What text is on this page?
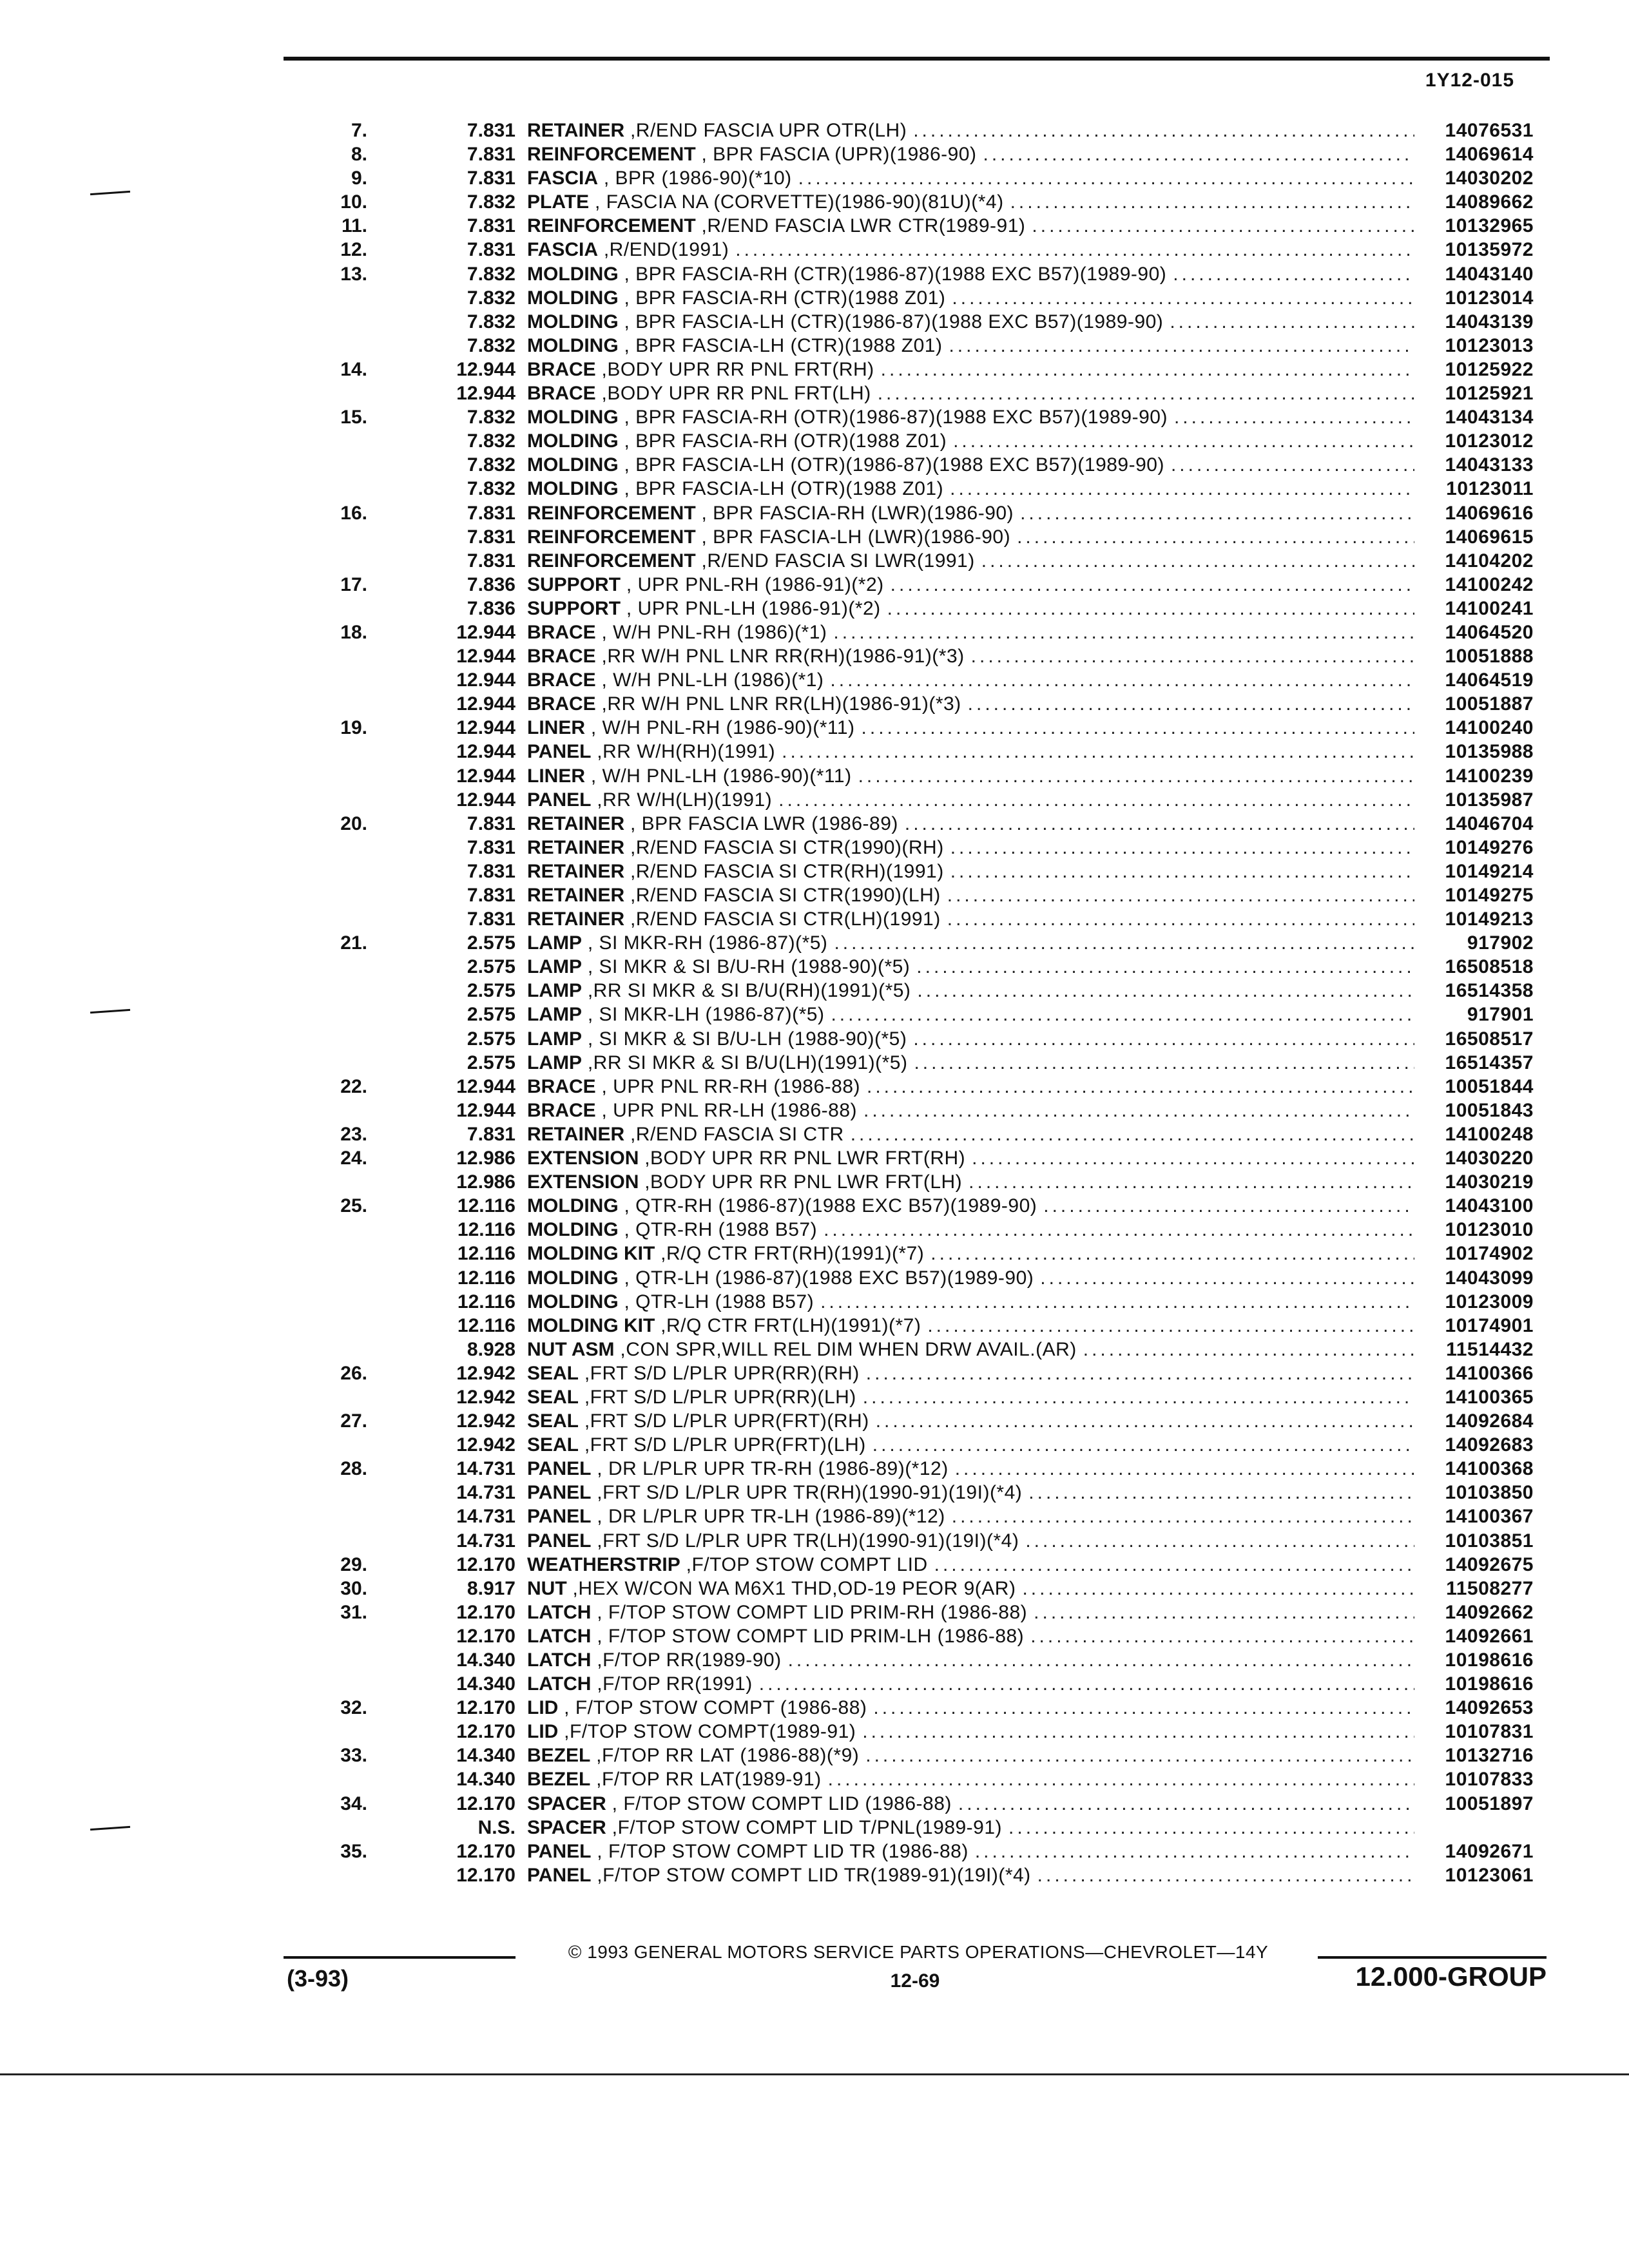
1Y12-015
7.	7.831 RETAINER ,R/END FASCIA UPR OTR(LH) .....	14076531
8.	7.831 REINFORCEMENT , BPR FASCIA (UPR)(1986-90) .....	14069614
9.	7.831 FASCIA , BPR (1986-90)(*10) .....	14030202
10.	7.832 PLATE , FASCIA NA (CORVETTE)(1986-90)(81U)(*4) .....	14089662
11.	7.831 REINFORCEMENT ,R/END FASCIA LWR CTR(1989-91) .....	10132965
12.	7.831 FASCIA ,R/END(1991) .....	10135972
13.	7.832 MOLDING , BPR FASCIA-RH (CTR)(1986-87)(1988 EXC B57)(1989-90) .....	14043140
7.832 MOLDING , BPR FASCIA-RH (CTR)(1988 Z01) .....	10123014
7.832 MOLDING , BPR FASCIA-LH (CTR)(1986-87)(1988 EXC B57)(1989-90) .....	14043139
7.832 MOLDING , BPR FASCIA-LH (CTR)(1988 Z01) .....	10123013
14.	12.944 BRACE ,BODY UPR RR PNL FRT(RH) .....	10125922
12.944 BRACE ,BODY UPR RR PNL FRT(LH) .....	10125921
15.	7.832 MOLDING , BPR FASCIA-RH (OTR)(1986-87)(1988 EXC B57)(1989-90) .....	14043134
7.832 MOLDING , BPR FASCIA-RH (OTR)(1988 Z01) .....	10123012
7.832 MOLDING , BPR FASCIA-LH (OTR)(1986-87)(1988 EXC B57)(1989-90) .....	14043133
7.832 MOLDING , BPR FASCIA-LH (OTR)(1988 Z01) .....	10123011
16.	7.831 REINFORCEMENT , BPR FASCIA-RH (LWR)(1986-90) .....	14069616
7.831 REINFORCEMENT , BPR FASCIA-LH (LWR)(1986-90) .....	14069615
7.831 REINFORCEMENT ,R/END FASCIA SI LWR(1991) .....	14104202
17.	7.836 SUPPORT , UPR PNL-RH (1986-91)(*2) .....	14100242
7.836 SUPPORT , UPR PNL-LH (1986-91)(*2) .....	14100241
18.	12.944 BRACE , W/H PNL-RH (1986)(*1) .....	14064520
12.944 BRACE ,RR W/H PNL LNR RR(RH)(1986-91)(*3) .....	10051888
12.944 BRACE , W/H PNL-LH (1986)(*1) .....	14064519
12.944 BRACE ,RR W/H PNL LNR RR(LH)(1986-91)(*3) .....	10051887
19.	12.944 LINER , W/H PNL-RH (1986-90)(*11) .....	14100240
12.944 PANEL ,RR W/H(RH)(1991) .....	10135988
12.944 LINER , W/H PNL-LH (1986-90)(*11) .....	14100239
12.944 PANEL ,RR W/H(LH)(1991) .....	10135987
20.	7.831 RETAINER , BPR FASCIA LWR (1986-89) .....	14046704
7.831 RETAINER ,R/END FASCIA SI CTR(1990)(RH) .....	10149276
7.831 RETAINER ,R/END FASCIA SI CTR(RH)(1991) .....	10149214
7.831 RETAINER ,R/END FASCIA SI CTR(1990)(LH) .....	10149275
7.831 RETAINER ,R/END FASCIA SI CTR(LH)(1991) .....	10149213
21.	2.575 LAMP , SI MKR-RH (1986-87)(*5) .....	917902
2.575 LAMP , SI MKR & SI B/U-RH (1988-90)(*5) .....	16508518
2.575 LAMP ,RR SI MKR & SI B/U(RH)(1991)(*5) .....	16514358
2.575 LAMP , SI MKR-LH (1986-87)(*5) .....	917901
2.575 LAMP , SI MKR & SI B/U-LH (1988-90)(*5) .....	16508517
2.575 LAMP ,RR SI MKR & SI B/U(LH)(1991)(*5) .....	16514357
22.	12.944 BRACE , UPR PNL RR-RH (1986-88) .....	10051844
12.944 BRACE , UPR PNL RR-LH (1986-88) .....	10051843
23.	7.831 RETAINER ,R/END FASCIA SI CTR .....	14100248
24.	12.986 EXTENSION ,BODY UPR RR PNL LWR FRT(RH) .....	14030220
12.986 EXTENSION ,BODY UPR RR PNL LWR FRT(LH) .....	14030219
25.	12.116 MOLDING , QTR-RH (1986-87)(1988 EXC B57)(1989-90) .....	14043100
12.116 MOLDING , QTR-RH (1988 B57) .....	10123010
12.116 MOLDING KIT ,R/Q CTR FRT(RH)(1991)(*7) .....	10174902
12.116 MOLDING , QTR-LH (1986-87)(1988 EXC B57)(1989-90) .....	14043099
12.116 MOLDING , QTR-LH (1988 B57) .....	10123009
12.116 MOLDING KIT ,R/Q CTR FRT(LH)(1991)(*7) .....	10174901
8.928 NUT ASM ,CON SPR,WILL REL DIM WHEN DRW AVAIL.(AR) .....	11514432
26.	12.942 SEAL ,FRT S/D L/PLR UPR(RR)(RH) .....	14100366
12.942 SEAL ,FRT S/D L/PLR UPR(RR)(LH) .....	14100365
27.	12.942 SEAL ,FRT S/D L/PLR UPR(FRT)(RH) .....	14092684
12.942 SEAL ,FRT S/D L/PLR UPR(FRT)(LH) .....	14092683
28.	14.731 PANEL , DR L/PLR UPR TR-RH (1986-89)(*12) .....	14100368
14.731 PANEL ,FRT S/D L/PLR UPR TR(RH)(1990-91)(19I)(*4) .....	10103850
14.731 PANEL , DR L/PLR UPR TR-LH (1986-89)(*12) .....	14100367
14.731 PANEL ,FRT S/D L/PLR UPR TR(LH)(1990-91)(19I)(*4) .....	10103851
29.	12.170 WEATHERSTRIP ,F/TOP STOW COMPT LID .....	14092675
30.	8.917 NUT ,HEX W/CON WA M6X1 THD,OD-19 PEOR 9(AR) .....	11508277
31.	12.170 LATCH , F/TOP STOW COMPT LID PRIM-RH (1986-88) .....	14092662
12.170 LATCH , F/TOP STOW COMPT LID PRIM-LH (1986-88) .....	14092661
14.340 LATCH ,F/TOP RR(1989-90) .....	10198616
14.340 LATCH ,F/TOP RR(1991) .....	10198616
32.	12.170 LID , F/TOP STOW COMPT (1986-88) .....	14092653
12.170 LID ,F/TOP STOW COMPT(1989-91) .....	10107831
33.	14.340 BEZEL ,F/TOP RR LAT (1986-88)(*9) .....	10132716
14.340 BEZEL ,F/TOP RR LAT(1989-91) .....	10107833
34.	12.170 SPACER , F/TOP STOW COMPT LID (1986-88) .....	10051897
N.S. SPACER ,F/TOP STOW COMPT LID T/PNL(1989-91)
.....
35.	12.170 PANEL , F/TOP STOW COMPT LID TR (1986-88) .....	14092671
12.170 PANEL ,F/TOP STOW COMPT LID TR(1989-91)(19I)(*4) .....	10123061
© 1993 GENERAL MOTORS SERVICE PARTS OPERATIONS—CHEVROLET—14Y
(3-93)	12-69	12.000-GROUP
